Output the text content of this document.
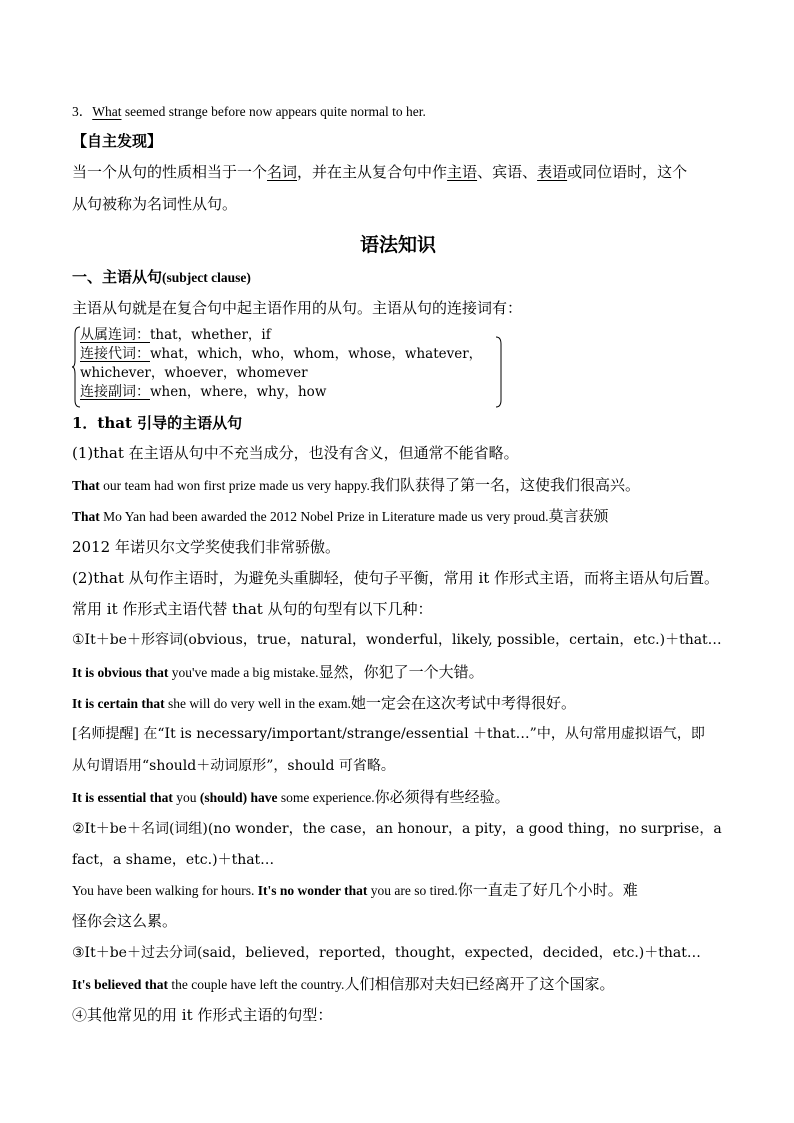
3．What seemed strange before now appears quite normal to her.
【自主发现】
当一个从句的性质相当于一个名词，并在主从复合句中作主语、宾语、表语或同位语时，这个
从句被称为名词性从句。
语法知识
一、主语从句(subject clause)
主语从句就是在复合句中起主语作用的从句。主语从句的连接词有：
从属连词：that，whether，if
连接代词：what，which，who，whom，whose，whatever，
whichever，whoever，whomever
连接副词：when，where，why，how
1．that 引导的主语从句
(1)that 在主语从句中不充当成分，也没有含义，但通常不能省略。
That our team had won first prize made us very happy.我们队获得了第一名，这使我们很高兴。
That Mo Yan had been awarded the 2012 Nobel Prize in Literature made us very proud.莫言获颁
2012 年诺贝尔文学奖使我们非常骄傲。
(2)that 从句作主语时，为避免头重脚轻，使句子平衡，常用 it 作形式主语，而将主语从句后置。
常用 it 作形式主语代替 that 从句的句型有以下几种：
①It＋be＋形容词(obvious，true，natural，wonderful，likely, possible，certain，etc.)＋that…
It is obvious that you've made a big mistake.显然，你犯了一个大错。
It is certain that she will do very well in the exam.她一定会在这次考试中考得很好。
[名师提醒] 在“It is necessary/important/strange/essential ＋that…”中，从句常用虚拟语气，即
从句谓语用“should＋动词原形”，should 可省略。
It is essential that you (should) have some experience.你必须得有些经验。
②It＋be＋名词(词组)(no wonder，the case，an honour，a pity，a good thing，no surprise，a
fact，a shame，etc.)＋that…
You have been walking for hours. It's no wonder that you are so tired.你一直走了好几个小时。难
怪你会这么累。
③It＋be＋过去分词(said，believed，reported，thought，expected，decided，etc.)＋that…
It's believed that the couple have left the country.人们相信那对夫妇已经离开了这个国家。
④其他常见的用 it 作形式主语的句型：
